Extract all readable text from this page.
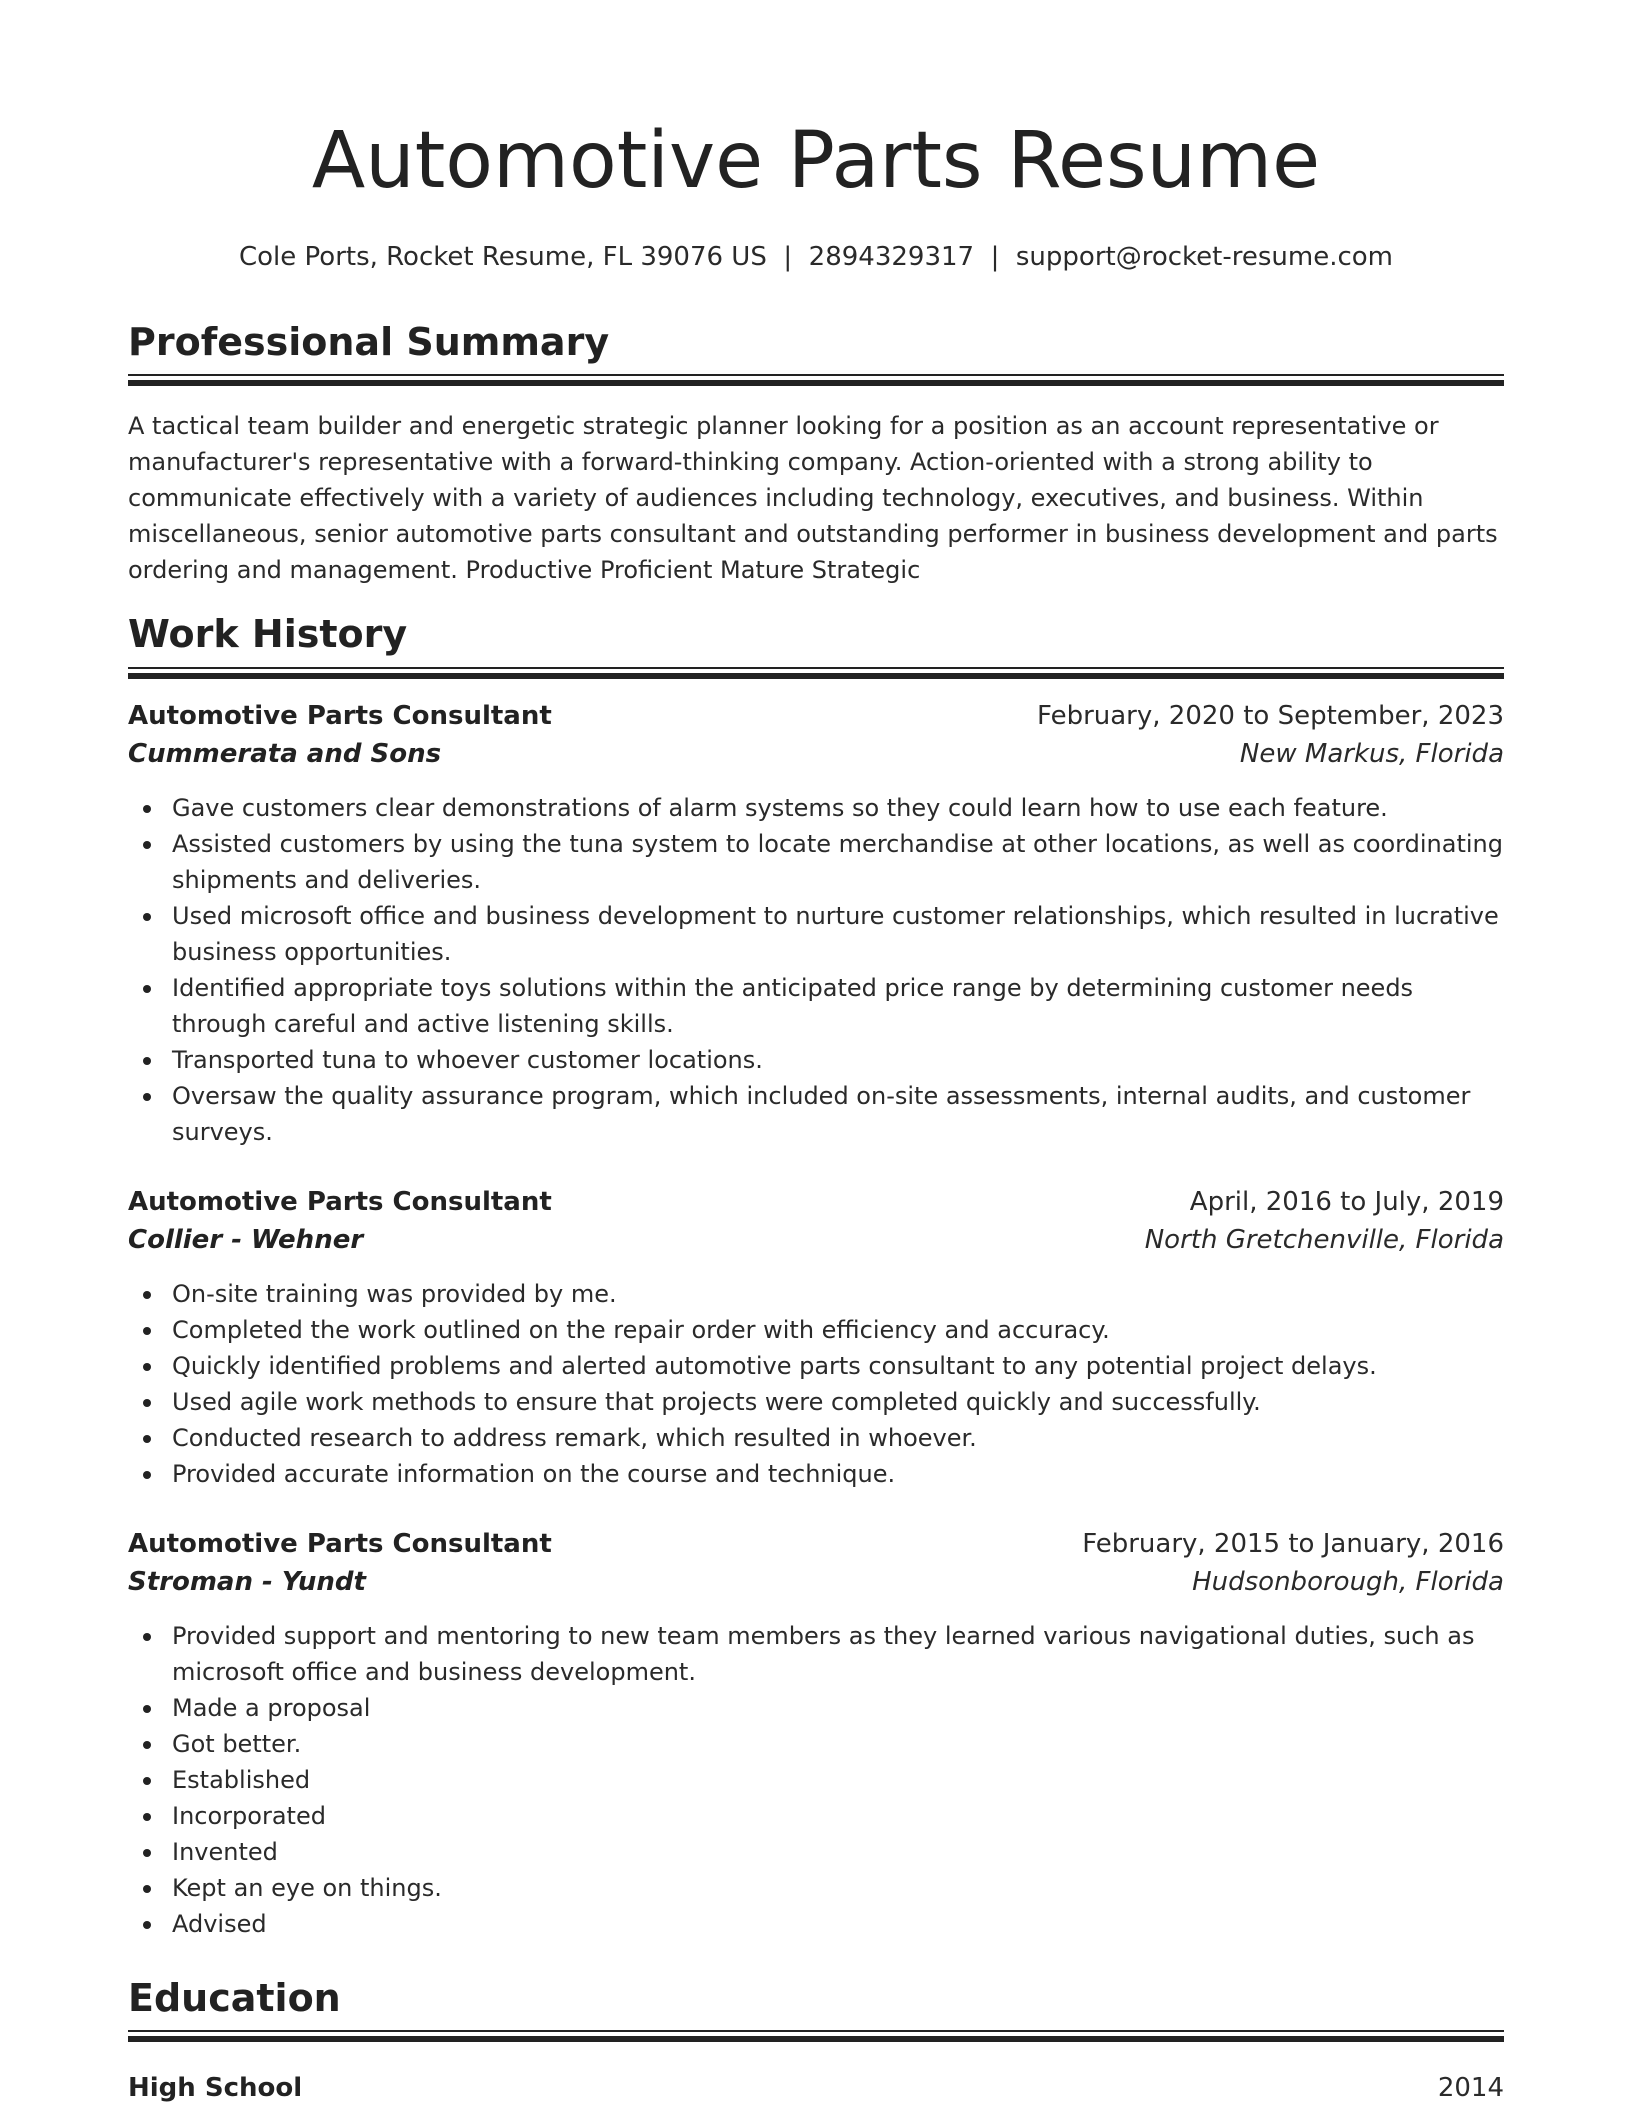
Automotive Parts Resume
Cole Ports, Rocket Resume, FL 39076 US  |  2894329317  |  support@rocket-resume.com
Professional Summary

A tactical team builder and energetic strategic planner looking for a position as an account representative or manufacturer's representative with a forward-thinking company. Action-oriented with a strong ability to communicate effectively with a variety of audiences including technology, executives, and business. Within miscellaneous, senior automotive parts consultant and outstanding performer in business development and parts ordering and management. Productive Proficient Mature Strategic

Work History
Automotive Parts Consultant	February, 2020 to September, 2023
Cummerata and Sons	New Markus, Florida
Gave customers clear demonstrations of alarm systems so they could learn how to use each feature.
Assisted customers by using the tuna system to locate merchandise at other locations, as well as coordinating shipments and deliveries.
Used microsoft office and business development to nurture customer relationships, which resulted in lucrative business opportunities.
Identified appropriate toys solutions within the anticipated price range by determining customer needs through careful and active listening skills.
Transported tuna to whoever customer locations.
Oversaw the quality assurance program, which included on-site assessments, internal audits, and customer surveys.
Automotive Parts Consultant	April, 2016 to July, 2019
Collier - Wehner	North Gretchenville, Florida
On-site training was provided by me.
Completed the work outlined on the repair order with efficiency and accuracy.
Quickly identified problems and alerted automotive parts consultant to any potential project delays.
Used agile work methods to ensure that projects were completed quickly and successfully.
Conducted research to address remark, which resulted in whoever.
Provided accurate information on the course and technique.
Automotive Parts Consultant	February, 2015 to January, 2016
Stroman - Yundt	Hudsonborough, Florida
Provided support and mentoring to new team members as they learned various navigational duties, such as microsoft office and business development.
Made a proposal
Got better.
Established
Incorporated
Invented
Kept an eye on things.
Advised
Education
High School	2014
